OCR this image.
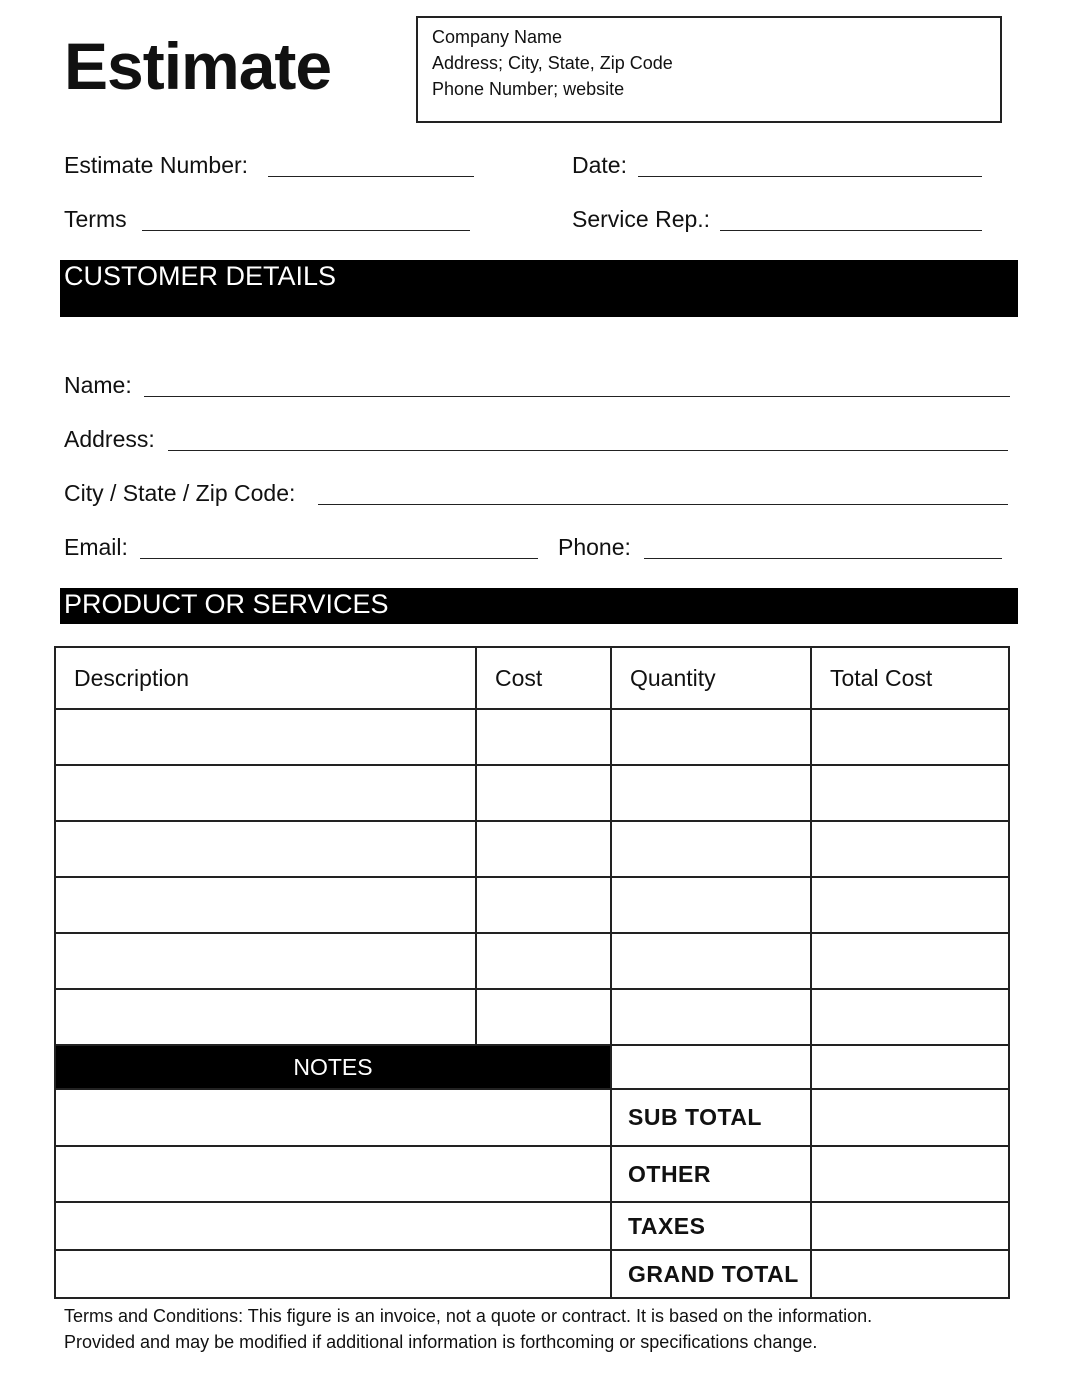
Estimate	Company Name
Address; City, State, Zip Code
Phone Number; website
Estimate Number:	Date:
Terms	Service Rep.:
CUSTOMER DETAILS
Name:
Address:
City / State / Zip Code:
Email:	Phone:
PRODUCT OR SERVICES
Description	Cost	Quantity	Total Cost

NOTES			
		SUB TOTAL	
		OTHER	
		TAXES	
		GRAND TOTAL	
Terms and Conditions: This figure is an invoice, not a quote or contract. It is based on the information.
Provided and may be modified if additional information is forthcoming or specifications change.
